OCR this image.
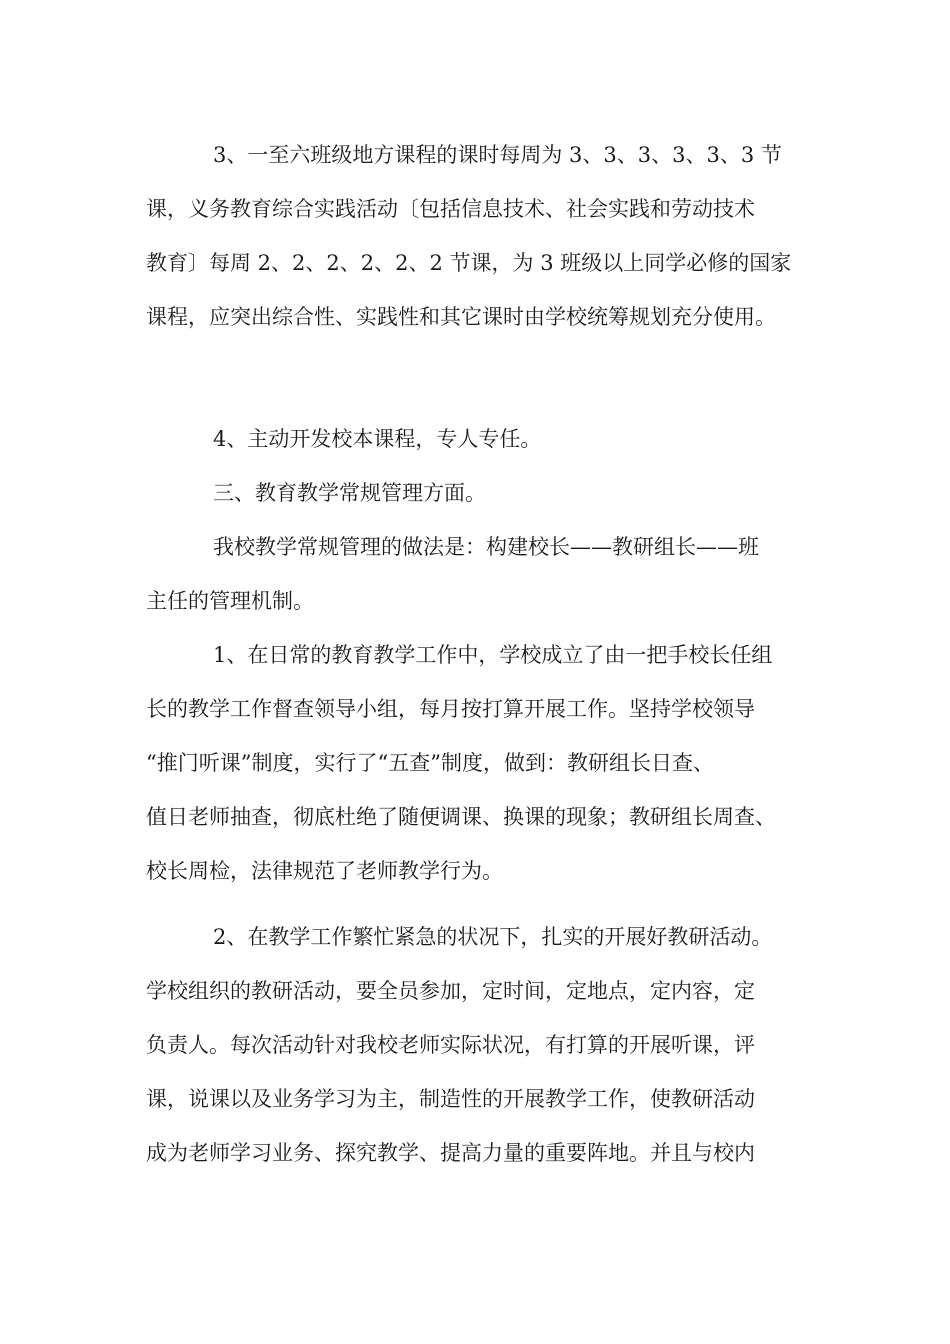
3、一至六班级地方课程的课时每周为 3、3、3、3、3、3 节

课，义务教育综合实践活动〔包括信息技术、社会实践和劳动技术

教育〕每周 2、2、2、2、2、2 节课，为 3 班级以上同学必修的国家

课程，应突出综合性、实践性和其它课时由学校统筹规划充分使用。

4、主动开发校本课程，专人专任。

三、教育教学常规管理方面。

我校教学常规管理的做法是：构建校长——教研组长——班

主任的管理机制。

1、在日常的教育教学工作中，学校成立了由一把手校长任组

长的教学工作督查领导小组，每月按打算开展工作。坚持学校领导

“推门听课”制度，实行了“五查”制度，做到：教研组长日查、

值日老师抽查，彻底杜绝了随便调课、换课的现象；教研组长周查、

校长周检，法律规范了老师教学行为。

2、在教学工作繁忙紧急的状况下，扎实的开展好教研活动。

学校组织的教研活动，要全员参加，定时间，定地点，定内容，定

负责人。每次活动针对我校老师实际状况，有打算的开展听课，评

课，说课以及业务学习为主，制造性的开展教学工作，使教研活动

成为老师学习业务、探究教学、提高力量的重要阵地。并且与校内
